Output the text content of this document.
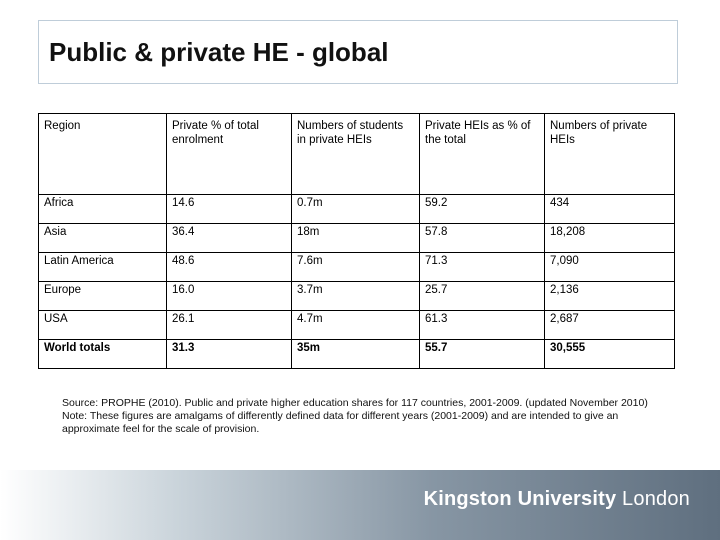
Public & private HE - global
Region	Private % of total enrolment	Numbers of students in private HEIs	Private HEIs as % of the total	Numbers of private HEIs
Africa	14.6	0.7m	59.2	434
Asia	36.4	18m	57.8	18,208
Latin America	48.6	7.6m	71.3	7,090
Europe	16.0	3.7m	25.7	2,136
USA	26.1	4.7m	61.3	2,687
World totals	31.3	35m	55.7	30,555

Source: PROPHE (2010). Public and private higher education shares for 117 countries, 2001-2009. (updated November 2010)

Note: These figures are amalgams of differently defined data for different years (2001-2009) and are intended to give an approximate feel for the scale of provision.

Kingston University London
